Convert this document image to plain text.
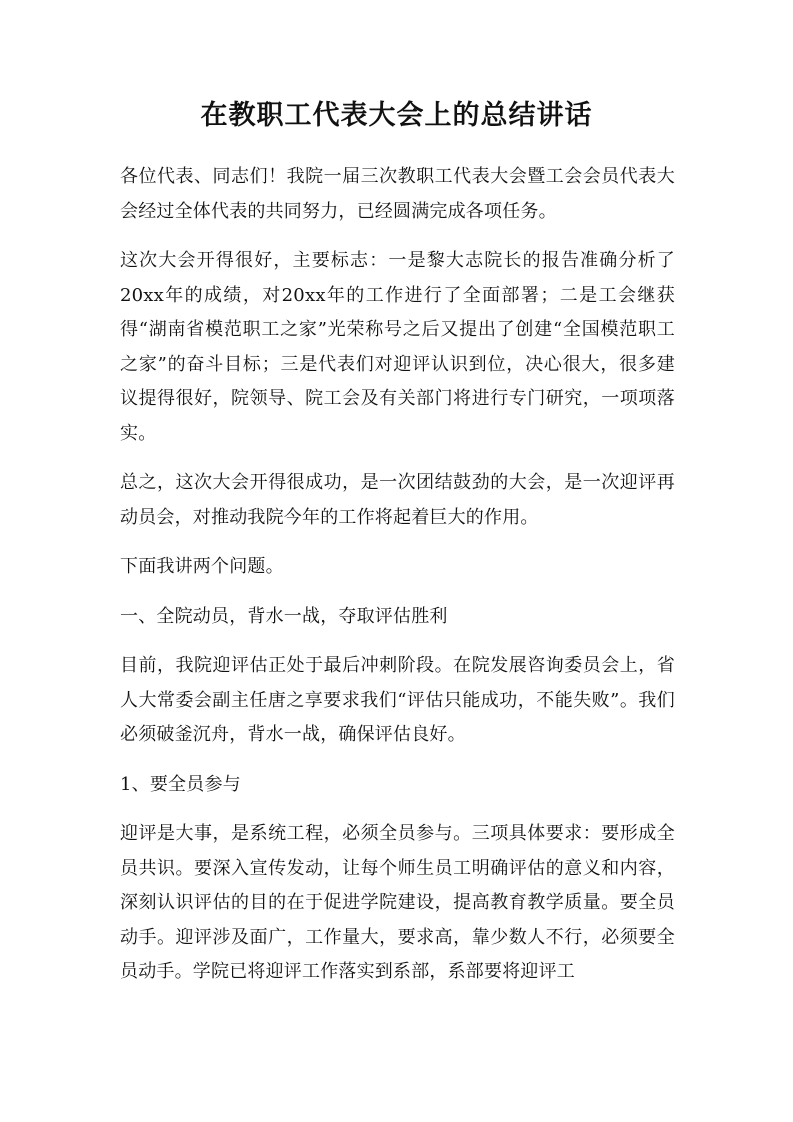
在教职工代表大会上的总结讲话

各位代表、同志们！我院一届三次教职工代表大会暨工会会员代表大会经过全体代表的共同努力，已经圆满完成各项任务。

这次大会开得很好，主要标志：一是黎大志院长的报告准确分析了20xx年的成绩，对20xx年的工作进行了全面部署；二是工会继获得“湖南省模范职工之家”光荣称号之后又提出了创建“全国模范职工之家”的奋斗目标；三是代表们对迎评认识到位，决心很大，很多建议提得很好，院领导、院工会及有关部门将进行专门研究，一项项落实。

总之，这次大会开得很成功，是一次团结鼓劲的大会，是一次迎评再动员会，对推动我院今年的工作将起着巨大的作用。

下面我讲两个问题。

一、全院动员，背水一战，夺取评估胜利

目前，我院迎评估正处于最后冲刺阶段。在院发展咨询委员会上，省人大常委会副主任唐之享要求我们“评估只能成功，不能失败”。我们必须破釜沉舟，背水一战，确保评估良好。

1、要全员参与

迎评是大事，是系统工程，必须全员参与。三项具体要求：要形成全员共识。要深入宣传发动，让每个师生员工明确评估的意义和内容，深刻认识评估的目的在于促进学院建设，提高教育教学质量。要全员动手。迎评涉及面广，工作量大，要求高，靠少数人不行，必须要全员动手。学院已将迎评工作落实到系部，系部要将迎评工
